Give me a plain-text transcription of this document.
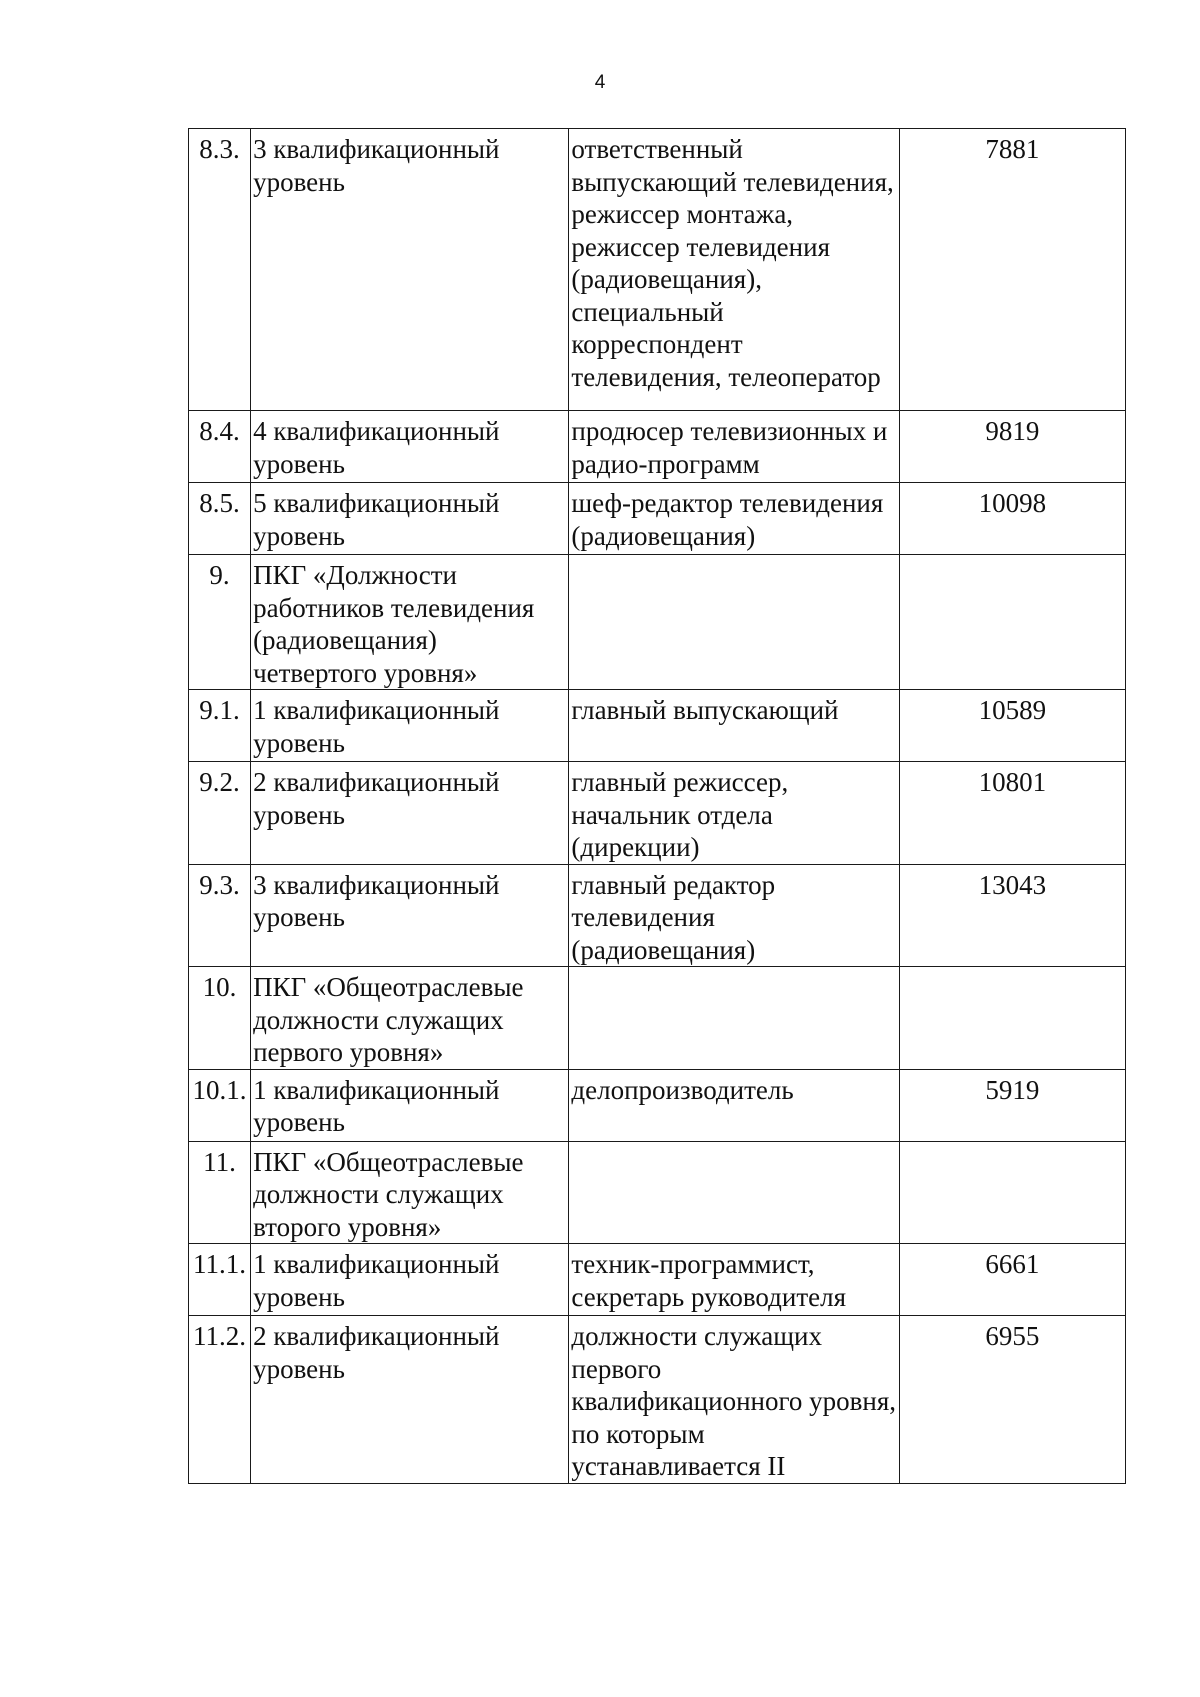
4
8.3.	3 квалификационный уровень	ответственный выпускающий телевидения, режиссер монтажа, режиссер телевидения (радиовещания), специальный корреспондент телевидения, телеоператор	7881
8.4.	4 квалификационный уровень	продюсер телевизионных и радио-программ	9819
8.5.	5 квалификационный уровень	шеф-редактор телевидения (радиовещания)	10098
9.	ПКГ «Должности работников телевидения (радиовещания) четвертого уровня»		
9.1.	1 квалификационный уровень	главный выпускающий	10589
9.2.	2 квалификационный уровень	главный режиссер, начальник отдела (дирекции)	10801
9.3.	3 квалификационный уровень	главный редактор телевидения (радиовещания)	13043
10.	ПКГ «Общеотраслевые должности служащих первого уровня»		
10.1.	1 квалификационный уровень	делопроизводитель	5919
11.	ПКГ «Общеотраслевые должности служащих второго уровня»		
11.1.	1 квалификационный уровень	техник-программист, секретарь руководителя	6661
11.2.	2 квалификационный уровень	должности служащих первого квалификационного уровня, по которым устанавливается II	6955
